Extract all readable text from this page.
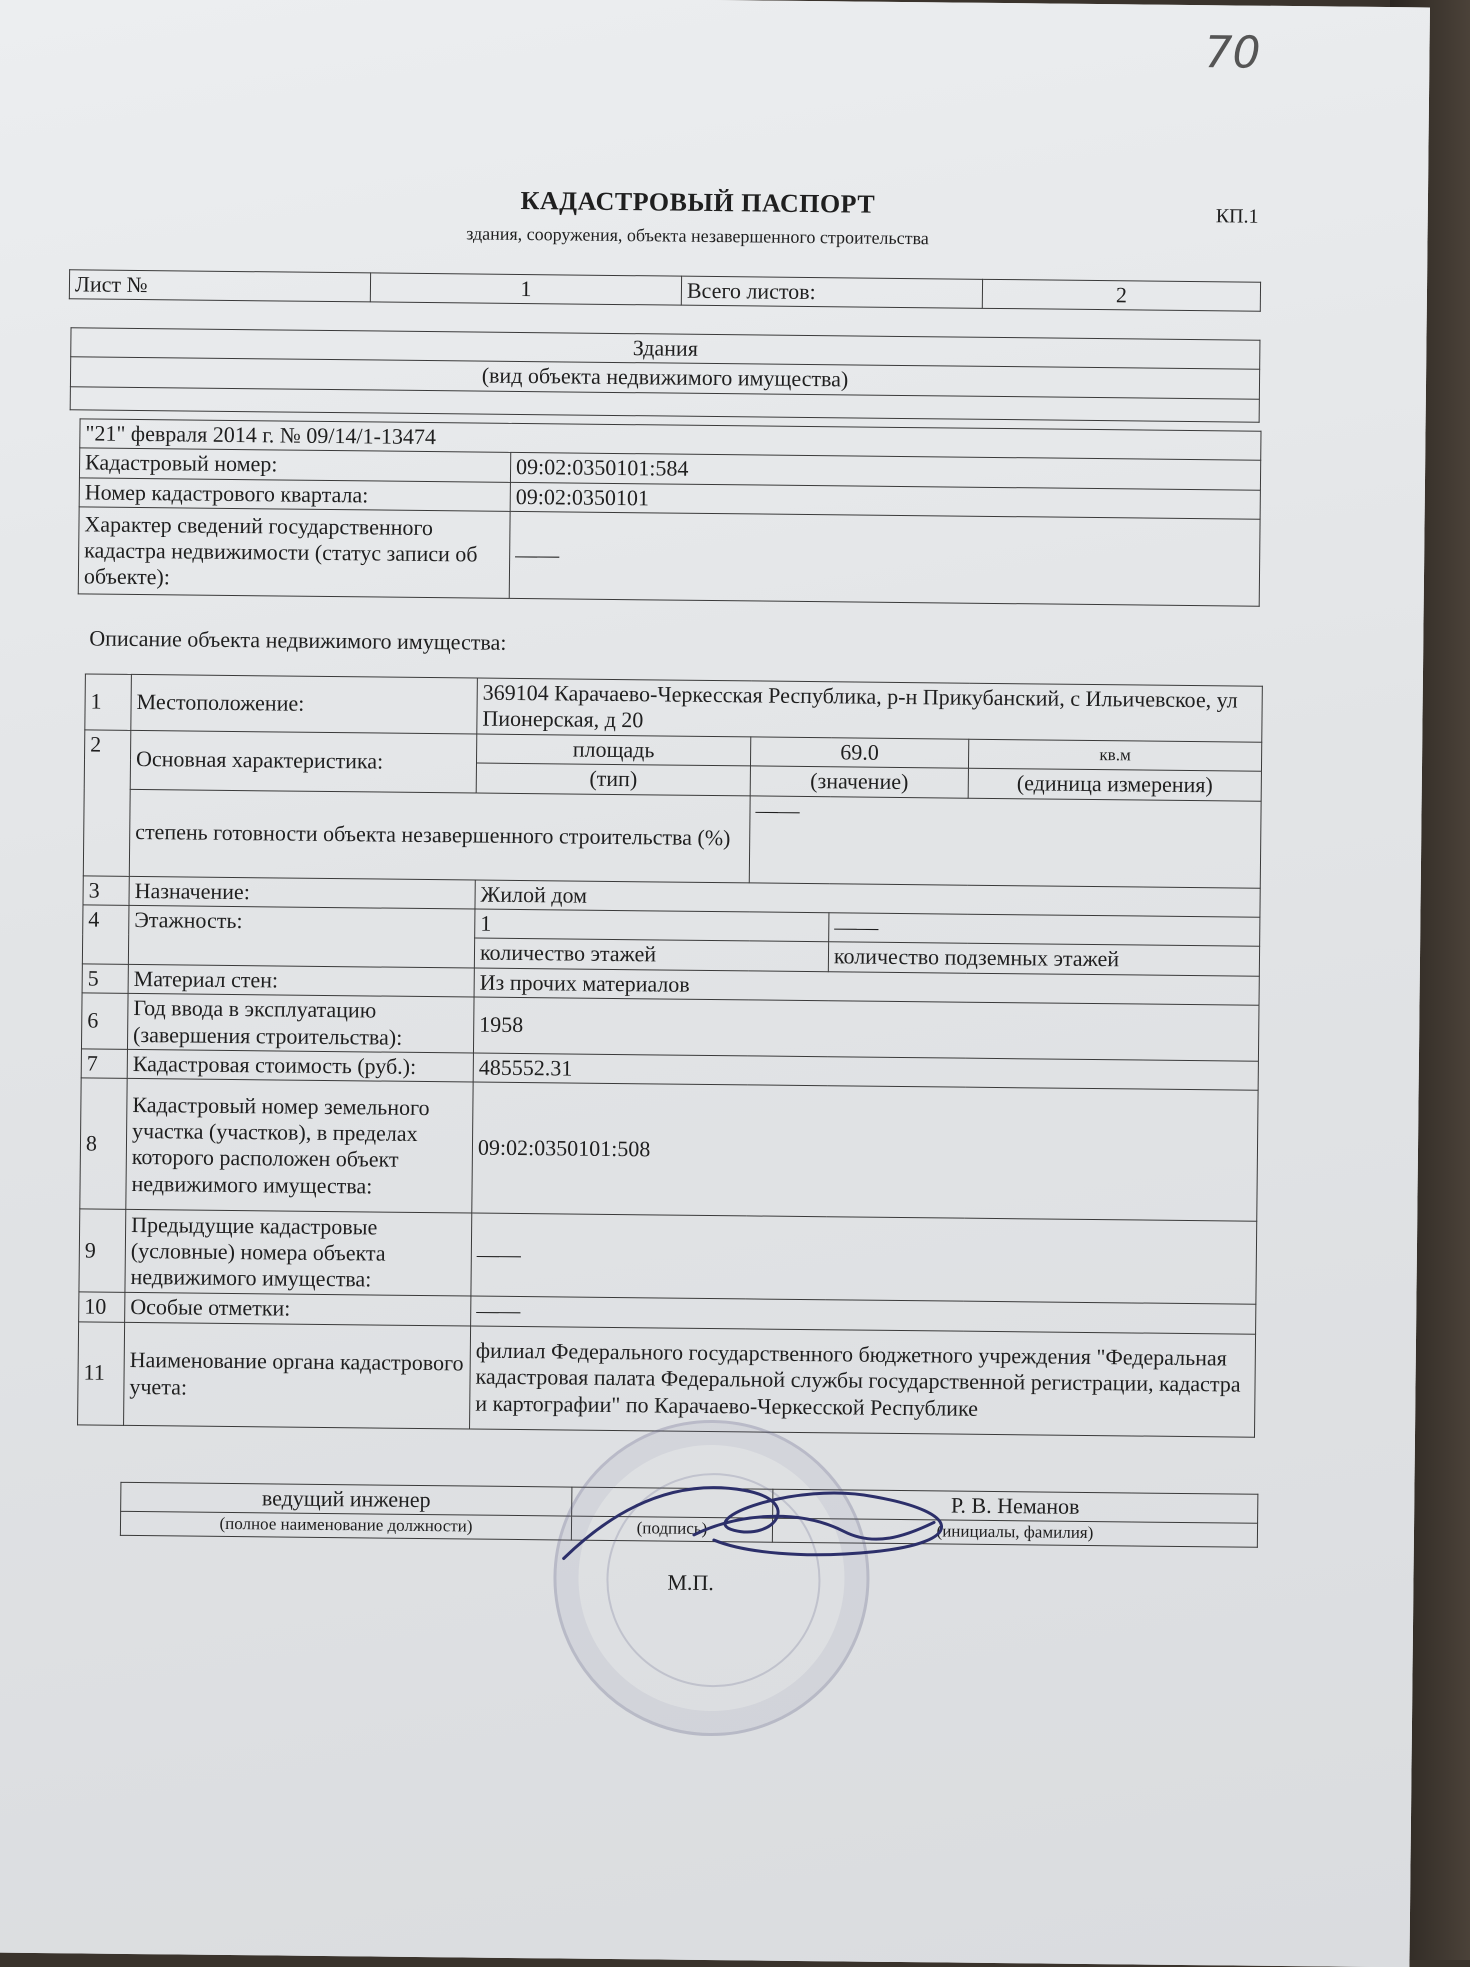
70
КАДАСТРОВЫЙ ПАСПОРТ
здания, сооружения, объекта незавершенного строительства
КП.1
Лист №	1	Всего листов:	2
Здания
(вид объекта недвижимого имущества)

"21" февраля 2014 г. № 09/14/1-13474	
Кадастровый номер:	09:02:0350101:584
Номер кадастрового квартала:	09:02:0350101
Характер сведений государственного кадастра недвижимости (статус записи об объекте):	——
Описание объекта недвижимого имущества:
1	Местоположение:	369104 Карачаево-Черкесская Республика, р-н Прикубанский, с Ильичевское, ул Пионерская, д 20			
2	Основная характеристика:	площадь	69.0		кв.м
		(тип)	(значение)		(единица измерения)
	степень готовности объекта незавершенного строительства (%)		——		
3	Назначение:	Жилой дом			
4	Этажность:	1		——	
		количество этажей		количество подземных этажей	
5	Материал стен:	Из прочих материалов			
6	Год ввода в эксплуатацию (завершения строительства):	1958			
7	Кадастровая стоимость (руб.):	485552.31			
8	Кадастровый номер земельного участка (участков), в пределах которого расположен объект недвижимого имущества:	09:02:0350101:508			
9	Предыдущие кадастровые (условные) номера объекта недвижимого имущества:	——			
10	Особые отметки:	——			
11	Наименование органа кадастрового учета:	филиал Федерального государственного бюджетного учреждения "Федеральная кадастровая палата Федеральной службы государственной регистрации, кадастра и картографии" по Карачаево-Черкесской Республике			
ведущий инженер		Р. В. Неманов
(полное наименование должности)	(подпись)	(инициалы, фамилия)
М.П.
